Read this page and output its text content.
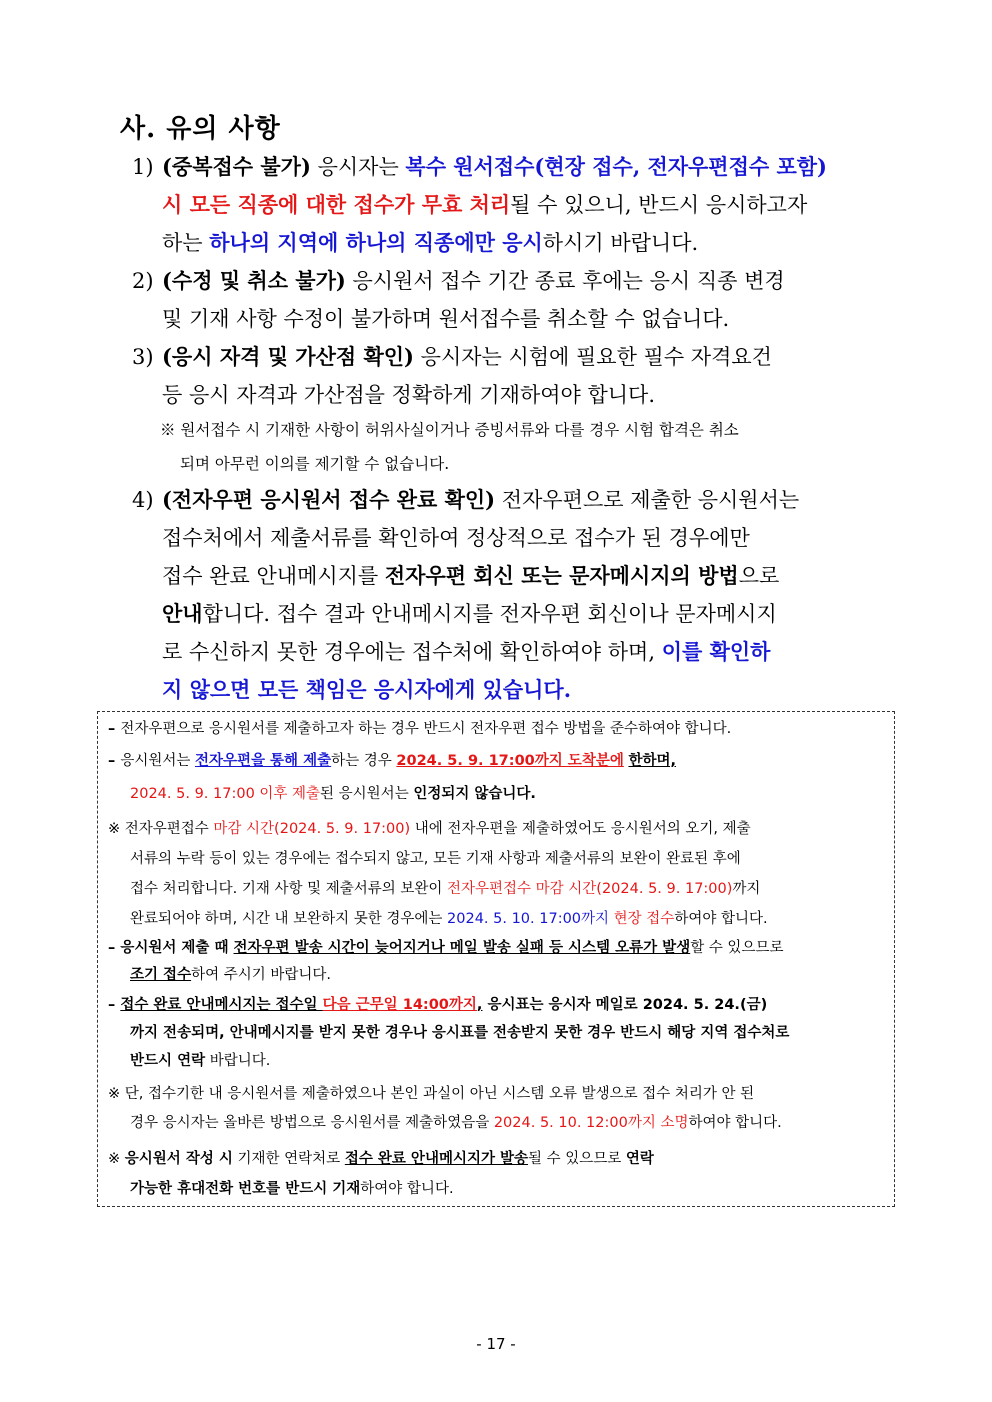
사. 유의 사항
1) (중복접수 불가) 응시자는 복수 원서접수(현장 접수, 전자우편접수 포함)
시 모든 직종에 대한 접수가 무효 처리될 수 있으니, 반드시 응시하고자
하는 하나의 지역에 하나의 직종에만 응시하시기 바랍니다.
2) (수정 및 취소 불가) 응시원서 접수 기간 종료 후에는 응시 직종 변경
및 기재 사항 수정이 불가하며 원서접수를 취소할 수 없습니다.
3) (응시 자격 및 가산점 확인) 응시자는 시험에 필요한 필수 자격요건
등 응시 자격과 가산점을 정확하게 기재하여야 합니다.
※ 원서접수 시 기재한 사항이 허위사실이거나 증빙서류와 다를 경우 시험 합격은 취소
되며 아무런 이의를 제기할 수 없습니다.
4) (전자우편 응시원서 접수 완료 확인) 전자우편으로 제출한 응시원서는
접수처에서 제출서류를 확인하여 정상적으로 접수가 된 경우에만
접수 완료 안내메시지를 전자우편 회신 또는 문자메시지의 방법으로
안내합니다. 접수 결과 안내메시지를 전자우편 회신이나 문자메시지
로 수신하지 못한 경우에는 접수처에 확인하여야 하며, 이를 확인하
지 않으면 모든 책임은 응시자에게 있습니다.
– 전자우편으로 응시원서를 제출하고자 하는 경우 반드시 전자우편 접수 방법을 준수하여야 합니다.
– 응시원서는 전자우편을 통해 제출하는 경우 2024. 5. 9. 17:00까지 도착분에 한하며,
2024. 5. 9. 17:00 이후 제출된 응시원서는 인정되지 않습니다.
※ 전자우편접수 마감 시간(2024. 5. 9. 17:00) 내에 전자우편을 제출하였어도 응시원서의 오기, 제출
서류의 누락 등이 있는 경우에는 접수되지 않고, 모든 기재 사항과 제출서류의 보완이 완료된 후에
접수 처리합니다. 기재 사항 및 제출서류의 보완이 전자우편접수 마감 시간(2024. 5. 9. 17:00)까지
완료되어야 하며, 시간 내 보완하지 못한 경우에는 2024. 5. 10. 17:00까지 현장 접수하여야 합니다.
– 응시원서 제출 때 전자우편 발송 시간이 늦어지거나 메일 발송 실패 등 시스템 오류가 발생할 수 있으므로
조기 접수하여 주시기 바랍니다.
– 접수 완료 안내메시지는 접수일 다음 근무일 14:00까지, 응시표는 응시자 메일로 2024. 5. 24.(금)
까지 전송되며, 안내메시지를 받지 못한 경우나 응시표를 전송받지 못한 경우 반드시 해당 지역 접수처로
반드시 연락 바랍니다.
※ 단, 접수기한 내 응시원서를 제출하였으나 본인 과실이 아닌 시스템 오류 발생으로 접수 처리가 안 된
경우 응시자는 올바른 방법으로 응시원서를 제출하였음을 2024. 5. 10. 12:00까지 소명하여야 합니다.
※ 응시원서 작성 시 기재한 연락처로 접수 완료 안내메시지가 발송될 수 있으므로 연락
가능한 휴대전화 번호를 반드시 기재하여야 합니다.
- 17 -
